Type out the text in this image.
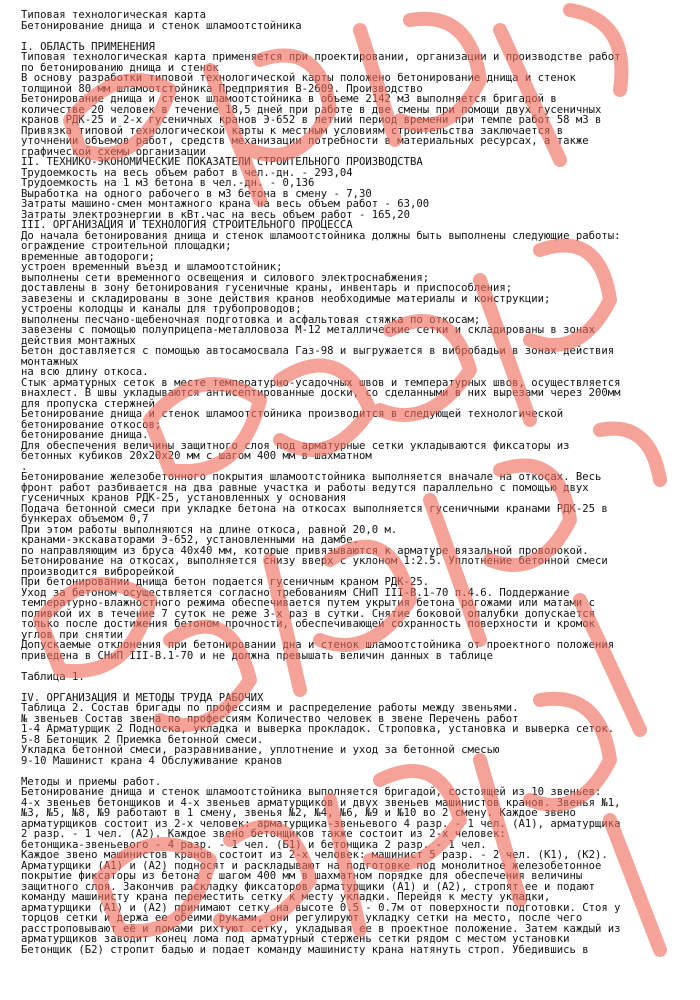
Типовая технологическая карта
Бетонирование днища и стенок шламоотстойника
I. ОБЛАСТЬ ПРИМЕНЕНИЯ
Типовая технологическая карта применяется при проектировании, организации и производстве работ
по бетонированию днища и стенок
В основу разработки типовой технологической карты положено бетонирование днища и стенок
толщиной 80 мм шламоотстойника Предприятия В-2609. Производство
Бетонирование днища и стенок шламоотстойника в объеме 2142 м3 выполняется бригадой в
количестве 20 человек в течение 18,5 дней при работе в две смены при помощи двух гусеничных
кранов РДК-25 и 2-х гусеничных кранов Э-652 в летний период времени при темпе работ 58 м3 в
Привязка типовой технологической карты к местным условиям строительства заключается в
уточнении объемов работ, средств механизации потребности в материальных ресурсах, а также
графической схемы организации
II. ТЕХНИКО-ЭКОНОМИЧЕСКИЕ ПОКАЗАТЕЛИ СТРОИТЕЛЬНОГО ПРОИЗВОДСТВА
Трудоемкость на весь объем работ в чел.-дн. - 293,04
Трудоемкость на 1 м3 бетона в чел.-дн. - 0,136
Выработка на одного рабочего в м3 бетона в смену - 7,30
Затраты машино-смен монтажного крана на весь объем работ - 63,00
Затраты электроэнергии в кВт.час на весь объем работ - 165,20
III. ОРГАНИЗАЦИЯ И ТЕХНОЛОГИЯ СТРОИТЕЛЬНОГО ПРОЦЕССА
До начала бетонирования днища и стенок шламоотстойника должны быть выполнены следующие работы:
ограждение строительной площадки;
временные автодороги;
устроен временный въезд и шламоотстойник;
выполнены сети временного освещения и силового электроснабжения;
доставлены в зону бетонирования гусеничные краны, инвентарь и приспособления;
завезены и складированы в зоне действия кранов необходимые материалы и конструкции;
устроены колодцы и каналы для трубопроводов;
выполнены песчано-щебеночная подготовка и асфальтовая стяжка по откосам;
завезены с помощью полуприцепа-металловоза М-12 металлические сетки и складированы в зонах
действия монтажных
Бетон доставляется с помощью автосамосвала Газ-98 и выгружается в вибробадьи в зонах действия
монтажных
на всю длину откоса.
Стык арматурных сеток в месте температурно-усадочных швов и температурных швов, осуществляется
внахлест. В швы укладываются антисептированные доски, со сделанными в них вырезами через 200мм
для пропуска стержней
Бетонирование днища и стенок шламоотстойника производится в следующей технологической
бетонирование откосов;
бетонирование днища.
Для обеспечения величины защитного слоя под арматурные сетки укладываются фиксаторы из
бетонных кубиков 20х20х20 мм с шагом 400 мм в шахматном
.
Бетонирование железобетонного покрытия шламоотстойника выполняется вначале на откосах. Весь
фронт работ разбивается на два равные участка и работы ведутся параллельно с помощью двух
гусеничных кранов РДК-25, установленных у основания
Подача бетонной смеси при укладке бетона на откосах выполняется гусеничными кранами РДК-25 в
бункерах объемом 0,7
При этом работы выполняются на длине откоса, равной 20,0 м.
кранами-экскаваторами Э-652, установленными на дамбе.
по направляющим из бруса 40х40 мм, которые привязываются к арматуре вязальной проволокой.
Бетонирование на откосах, выполняется снизу вверх с уклоном 1:2.5. Уплотнение бетонной смеси
производится виброрейкой
При бетонировании днища бетон подается гусеничным краном РДК-25.
Уход за бетоном осуществляется согласно требованиям СНиП III-В.1-70 п.4.6. Поддержание
температурно-влажностного режима обеспечивается путем укрытия бетона рогожами или матами с
поливкой их в течение 7 суток не реже 3-х раз в сутки. Снятие боковой опалубки допускается
только после достижения бетоном прочности, обеспечивающей сохранность поверхности и кромок
углов при снятии
Допускаемые отклонения при бетонировании дна и стенок шламоотстойника от проектного положения
приведена в СНиП III-В.1-70 и не должна превышать величин данных в таблице
Таблица 1.
IV. ОРГАНИЗАЦИЯ И МЕТОДЫ ТРУДА РАБОЧИХ
Таблица 2. Состав бригады по профессиям и распределение работы между звеньями.
№ звеньев Состав звена по профессиям Количество человек в звене Перечень работ
1-4 Арматурщик 2 Подноска, укладка и выверка прокладок. Строповка, установка и выверка сеток.
5-8 Бетонщик 2 Приемка бетонной смеси.
Укладка бетонной смеси, разравнивание, уплотнение и уход за бетонной смесью
9-10 Машинист крана 4 Обслуживание кранов
Методы и приемы работ.
Бетонирование днища и стенок шламоотстойника выполняется бригадой, состоящей из 10 звеньев:
4-х звеньев бетонщиков и 4-х звеньев арматурщиков и двух звеньев машинистов кранов. Звенья №1,
№3, №5, №8, №9 работают в 1 смену, звенья №2, №4, №6, №9 и №10 во 2 смену. Каждое звено
арматурщиков состоит из 2-х человек: арматурщика-звеньевого 4 разр. - 1 чел. (А1), арматурщика
2 разр. - 1 чел. (А2). Каждое звено бетонщиков также состоит из 2-х человек:
бетонщика-звеньевого - 4 разр. - 1 чел. (Б1) и бетонщика 2 разр. - 1 чел.
Каждое звено машинистов кранов состоит из 2-х человек: машинист 5 разр. - 2 чел. (К1), (К2).
Арматурщики (А1) и (А2) подносят и раскладывают на подготовке под монолитное железобетонное
покрытие фиксаторы из бетона с шагом 400 мм в шахматном порядке для обеспечения величины
защитного слоя. Закончив раскладку фиксаторов арматурщики (А1) и (А2), стропят ее и подают
команду машинисту крана переместить сетку к месту укладки. Перейдя к месту укладки,
арматурщики (А1) и (А2) принимают сетку на высоте 0.5 - 0.7м от поверхности подготовки. Стоя у
торцов сетки и держа ее обеими руками, они регулируют укладку сетки на место, после чего
расстроповывают её и ломами рихтуют сетку, укладывая ее в проектное положение. Затем каждый из
арматурщиков заводит конец лома под арматурный стержень сетки рядом с местом установки
Бетонщик (Б2) стропит бадью и подает команду машинисту крана натянуть строп. Убедившись в
